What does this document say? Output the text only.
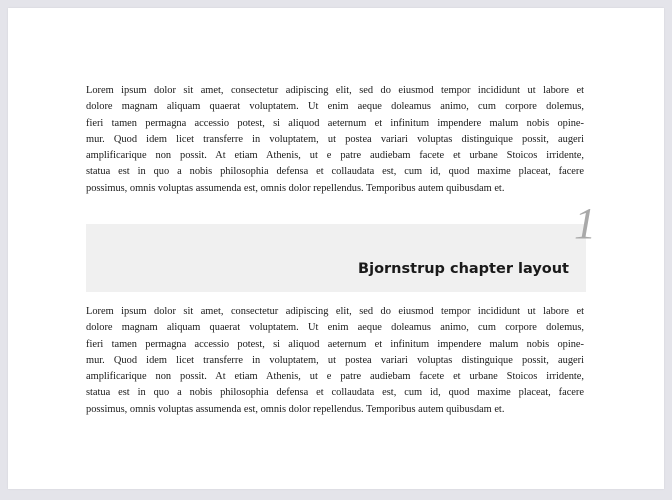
Lorem ipsum dolor sit amet, consectetur adipiscing elit, sed do eiusmod tempor incididunt ut labore et
dolore magnam aliquam quaerat voluptatem. Ut enim aeque doleamus animo, cum corpore dolemus,
fieri tamen permagna accessio potest, si aliquod aeternum et infinitum impendere malum nobis opine-
mur. Quod idem licet transferre in voluptatem, ut postea variari voluptas distinguique possit, augeri
amplificarique non possit. At etiam Athenis, ut e patre audiebam facete et urbane Stoicos irridente,
statua est in quo a nobis philosophia defensa et collaudata est, cum id, quod maxime placeat, facere
possimus, omnis voluptas assumenda est, omnis dolor repellendus. Temporibus autem quibusdam et.
1
Bjornstrup chapter layout
Lorem ipsum dolor sit amet, consectetur adipiscing elit, sed do eiusmod tempor incididunt ut labore et
dolore magnam aliquam quaerat voluptatem. Ut enim aeque doleamus animo, cum corpore dolemus,
fieri tamen permagna accessio potest, si aliquod aeternum et infinitum impendere malum nobis opine-
mur. Quod idem licet transferre in voluptatem, ut postea variari voluptas distinguique possit, augeri
amplificarique non possit. At etiam Athenis, ut e patre audiebam facete et urbane Stoicos irridente,
statua est in quo a nobis philosophia defensa et collaudata est, cum id, quod maxime placeat, facere
possimus, omnis voluptas assumenda est, omnis dolor repellendus. Temporibus autem quibusdam et.
